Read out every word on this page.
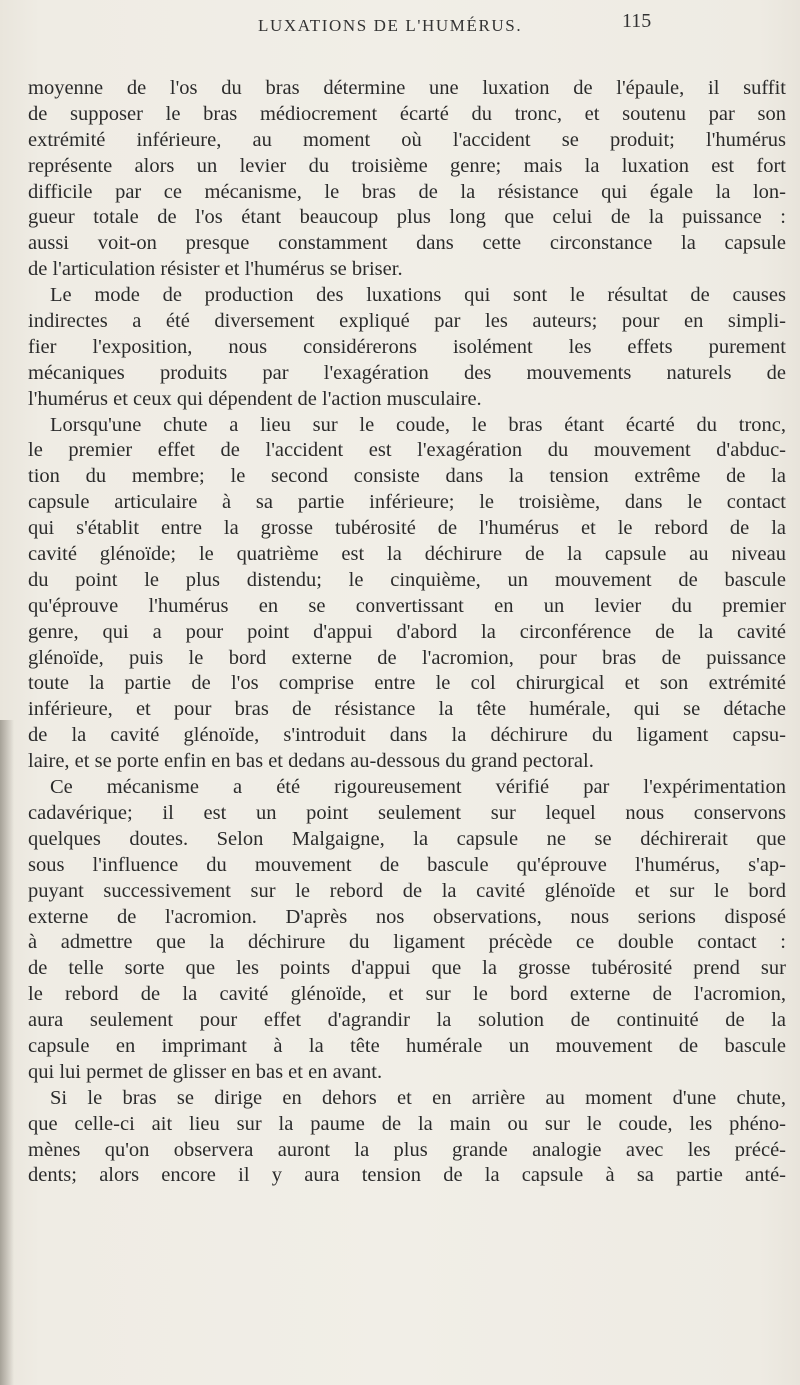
LUXATIONS DE L'HUMÉRUS.	115
moyenne de l'os du bras détermine une luxation de l'épaule, il suffit
de supposer le bras médiocrement écarté du tronc, et soutenu par son
extrémité inférieure, au moment où l'accident se produit; l'humérus
représente alors un levier du troisième genre; mais la luxation est fort
difficile par ce mécanisme, le bras de la résistance qui égale la lon-
gueur totale de l'os étant beaucoup plus long que celui de la puissance :
aussi voit-on presque constamment dans cette circonstance la capsule
de l'articulation résister et l'humérus se briser.
Le mode de production des luxations qui sont le résultat de causes
indirectes a été diversement expliqué par les auteurs; pour en simpli-
fier l'exposition, nous considérerons isolément les effets purement
mécaniques produits par l'exagération des mouvements naturels de
l'humérus et ceux qui dépendent de l'action musculaire.
Lorsqu'une chute a lieu sur le coude, le bras étant écarté du tronc,
le premier effet de l'accident est l'exagération du mouvement d'abduc-
tion du membre; le second consiste dans la tension extrême de la
capsule articulaire à sa partie inférieure; le troisième, dans le contact
qui s'établit entre la grosse tubérosité de l'humérus et le rebord de la
cavité glénoïde; le quatrième est la déchirure de la capsule au niveau
du point le plus distendu; le cinquième, un mouvement de bascule
qu'éprouve l'humérus en se convertissant en un levier du premier
genre, qui a pour point d'appui d'abord la circonférence de la cavité
glénoïde, puis le bord externe de l'acromion, pour bras de puissance
toute la partie de l'os comprise entre le col chirurgical et son extrémité
inférieure, et pour bras de résistance la tête humérale, qui se détache
de la cavité glénoïde, s'introduit dans la déchirure du ligament capsu-
laire, et se porte enfin en bas et dedans au-dessous du grand pectoral.
Ce mécanisme a été rigoureusement vérifié par l'expérimentation
cadavérique; il est un point seulement sur lequel nous conservons
quelques doutes. Selon Malgaigne, la capsule ne se déchirerait que
sous l'influence du mouvement de bascule qu'éprouve l'humérus, s'ap-
puyant successivement sur le rebord de la cavité glénoïde et sur le bord
externe de l'acromion. D'après nos observations, nous serions disposé
à admettre que la déchirure du ligament précède ce double contact :
de telle sorte que les points d'appui que la grosse tubérosité prend sur
le rebord de la cavité glénoïde, et sur le bord externe de l'acromion,
aura seulement pour effet d'agrandir la solution de continuité de la
capsule en imprimant à la tête humérale un mouvement de bascule
qui lui permet de glisser en bas et en avant.
Si le bras se dirige en dehors et en arrière au moment d'une chute,
que celle-ci ait lieu sur la paume de la main ou sur le coude, les phéno-
mènes qu'on observera auront la plus grande analogie avec les précé-
dents; alors encore il y aura tension de la capsule à sa partie anté-
